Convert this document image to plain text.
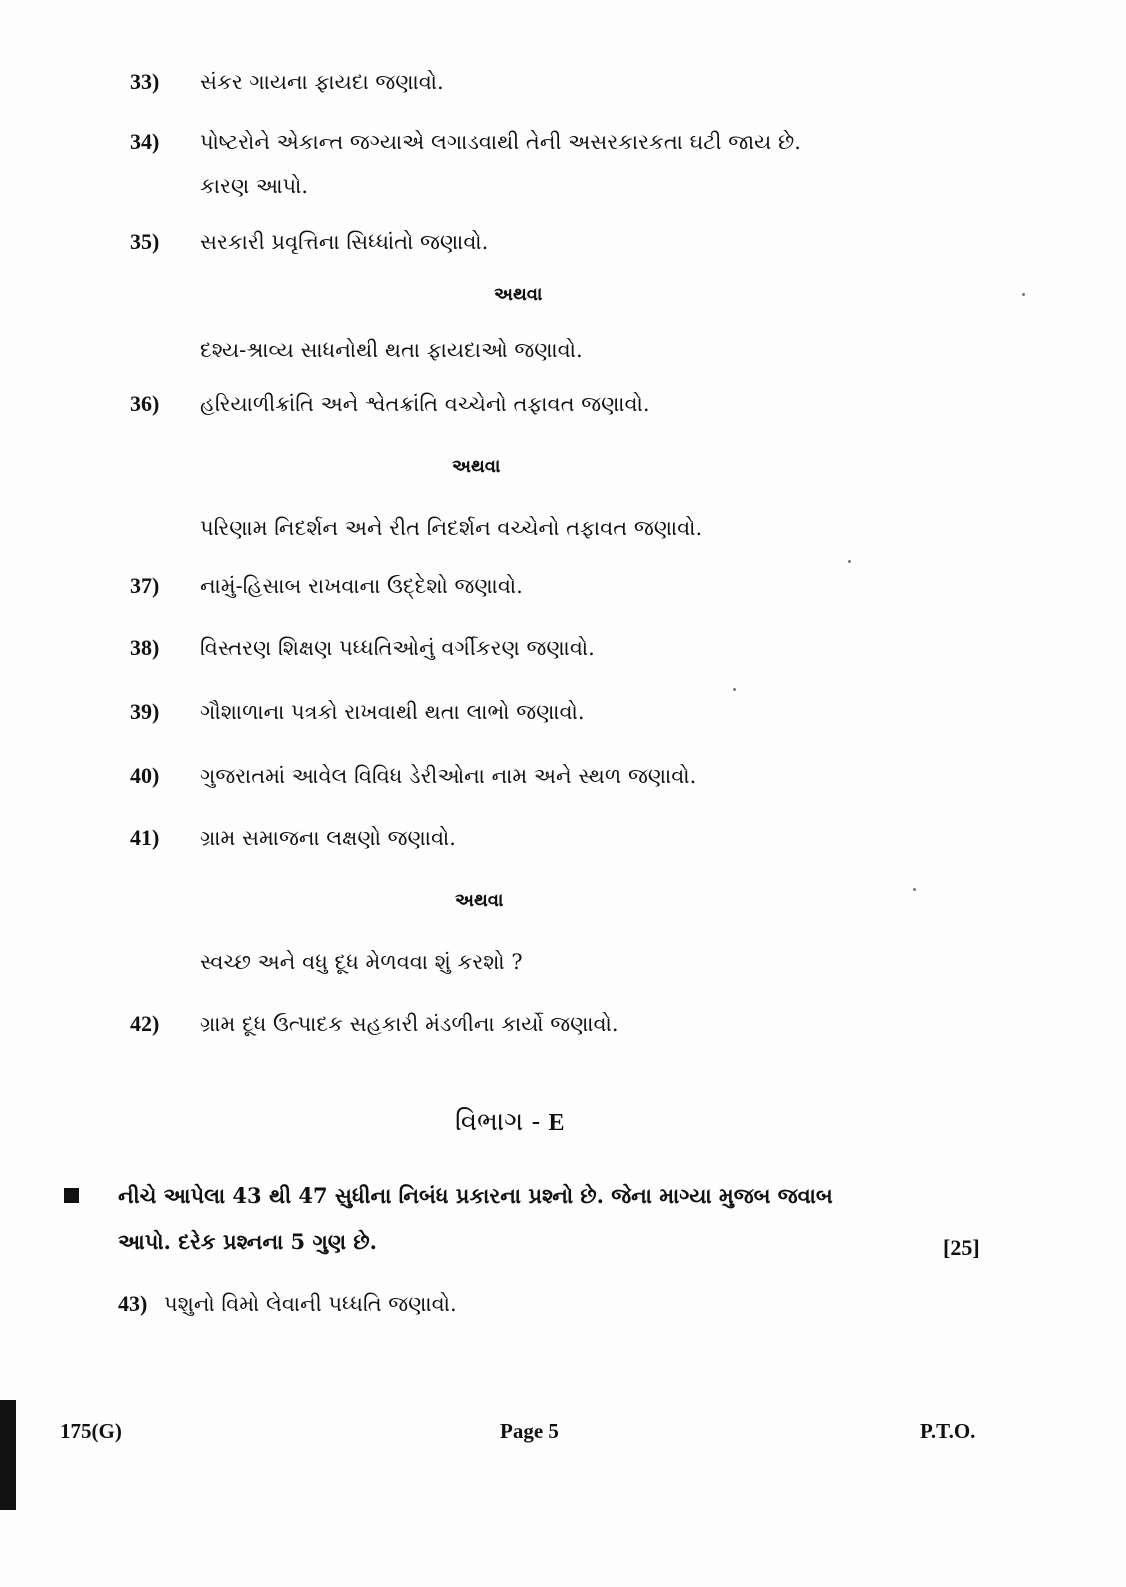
33)	સંકર ગાયના ફાયદા જણાવો.
34)	પોષ્ટરોને એકાન્ત જગ્યાએ લગાડવાથી તેની અસરકારકતા ઘટી જાય છે.
કારણ આપો.
35)	સરકારી પ્રવૃત્તિના સિધ્ધાંતો જણાવો.
અથવા
દશ્ય-શ્રાવ્ય સાધનોથી થતા ફાયદાઓ જણાવો.
36)	હરિયાળીક્રાંતિ અને શ્વેતક્રાંતિ વચ્ચેનો તફાવત જણાવો.
અથવા
પરિણામ નિદર્શન અને રીત નિદર્શન વચ્ચેનો તફાવત જણાવો.
37)	નામું-હિસાબ રાખવાના ઉદ્દેશો જણાવો.
38)	વિસ્તરણ શિક્ષણ પધ્ધતિઓનું વર્ગીકરણ જણાવો.
39)	ગૌશાળાના પત્રકો રાખવાથી થતા લાભો જણાવો.
40)	ગુજરાતમાં આવેલ વિવિધ ડેરીઓના નામ અને સ્થળ જણાવો.
41)	ગ્રામ સમાજના લક્ષણો જણાવો.
અથવા
સ્વચ્છ અને વધુ દૂધ મેળવવા શું કરશો ?
42)	ગ્રામ દૂધ ઉત્પાદક સહકારી મંડળીના કાર્યો જણાવો.
વિભાગ - E
નીચે આપેલા 43 થી 47 સુધીના નિબંધ પ્રકારના પ્રશ્નો છે. જેના માગ્યા મુજબ જવાબ
આપો. દરેક પ્રશ્નના 5 ગુણ છે.	[25]
43) પશુનો વિમો લેવાની પધ્ધતિ જણાવો.
175(G)	Page 5	P.T.O.
